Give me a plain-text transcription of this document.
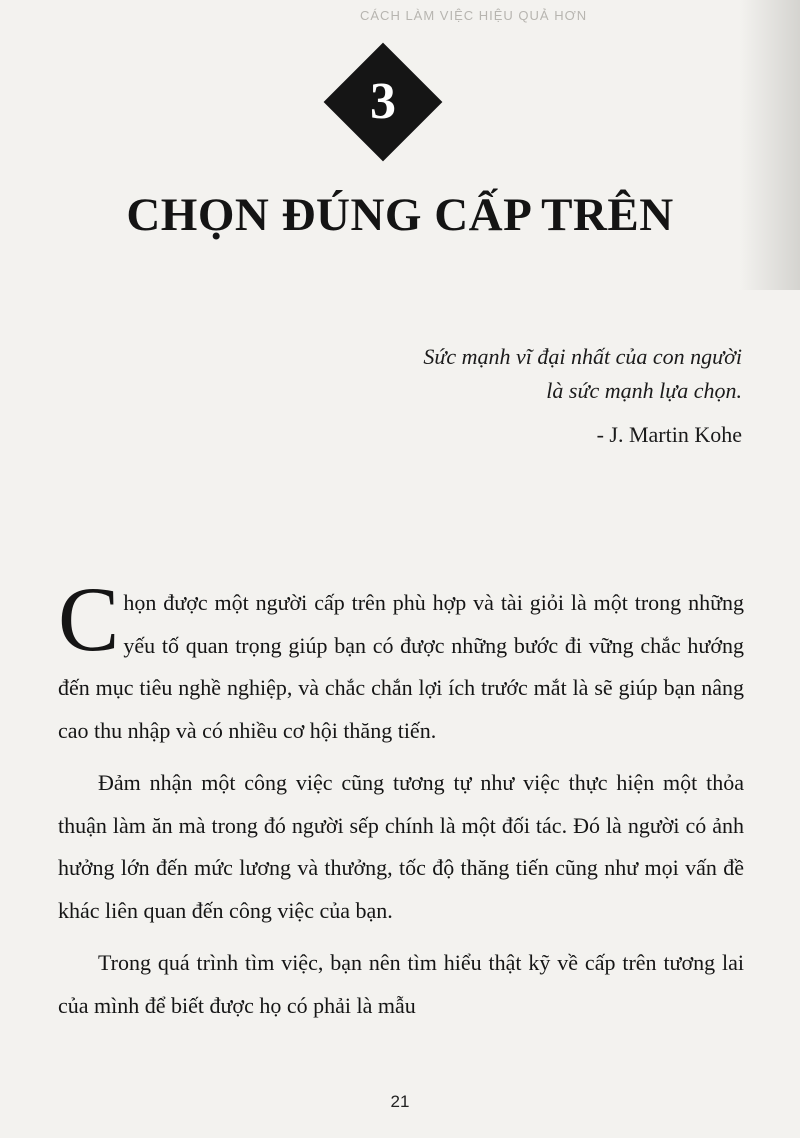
CÁCH LÀM VIỆC HIỆU QUẢ HƠN
3
CHỌN ĐÚNG CẤP TRÊN
Sức mạnh vĩ đại nhất của con người
là sức mạnh lựa chọn.
- J. Martin Kohe

Chọn được một người cấp trên phù hợp và tài giỏi là một trong những yếu tố quan trọng giúp bạn có được những bước đi vững chắc hướng đến mục tiêu nghề nghiệp, và chắc chắn lợi ích trước mắt là sẽ giúp bạn nâng cao thu nhập và có nhiều cơ hội thăng tiến.

Đảm nhận một công việc cũng tương tự như việc thực hiện một thỏa thuận làm ăn mà trong đó người sếp chính là một đối tác. Đó là người có ảnh hưởng lớn đến mức lương và thưởng, tốc độ thăng tiến cũng như mọi vấn đề khác liên quan đến công việc của bạn.

Trong quá trình tìm việc, bạn nên tìm hiểu thật kỹ về cấp trên tương lai của mình để biết được họ có phải là mẫu

21
